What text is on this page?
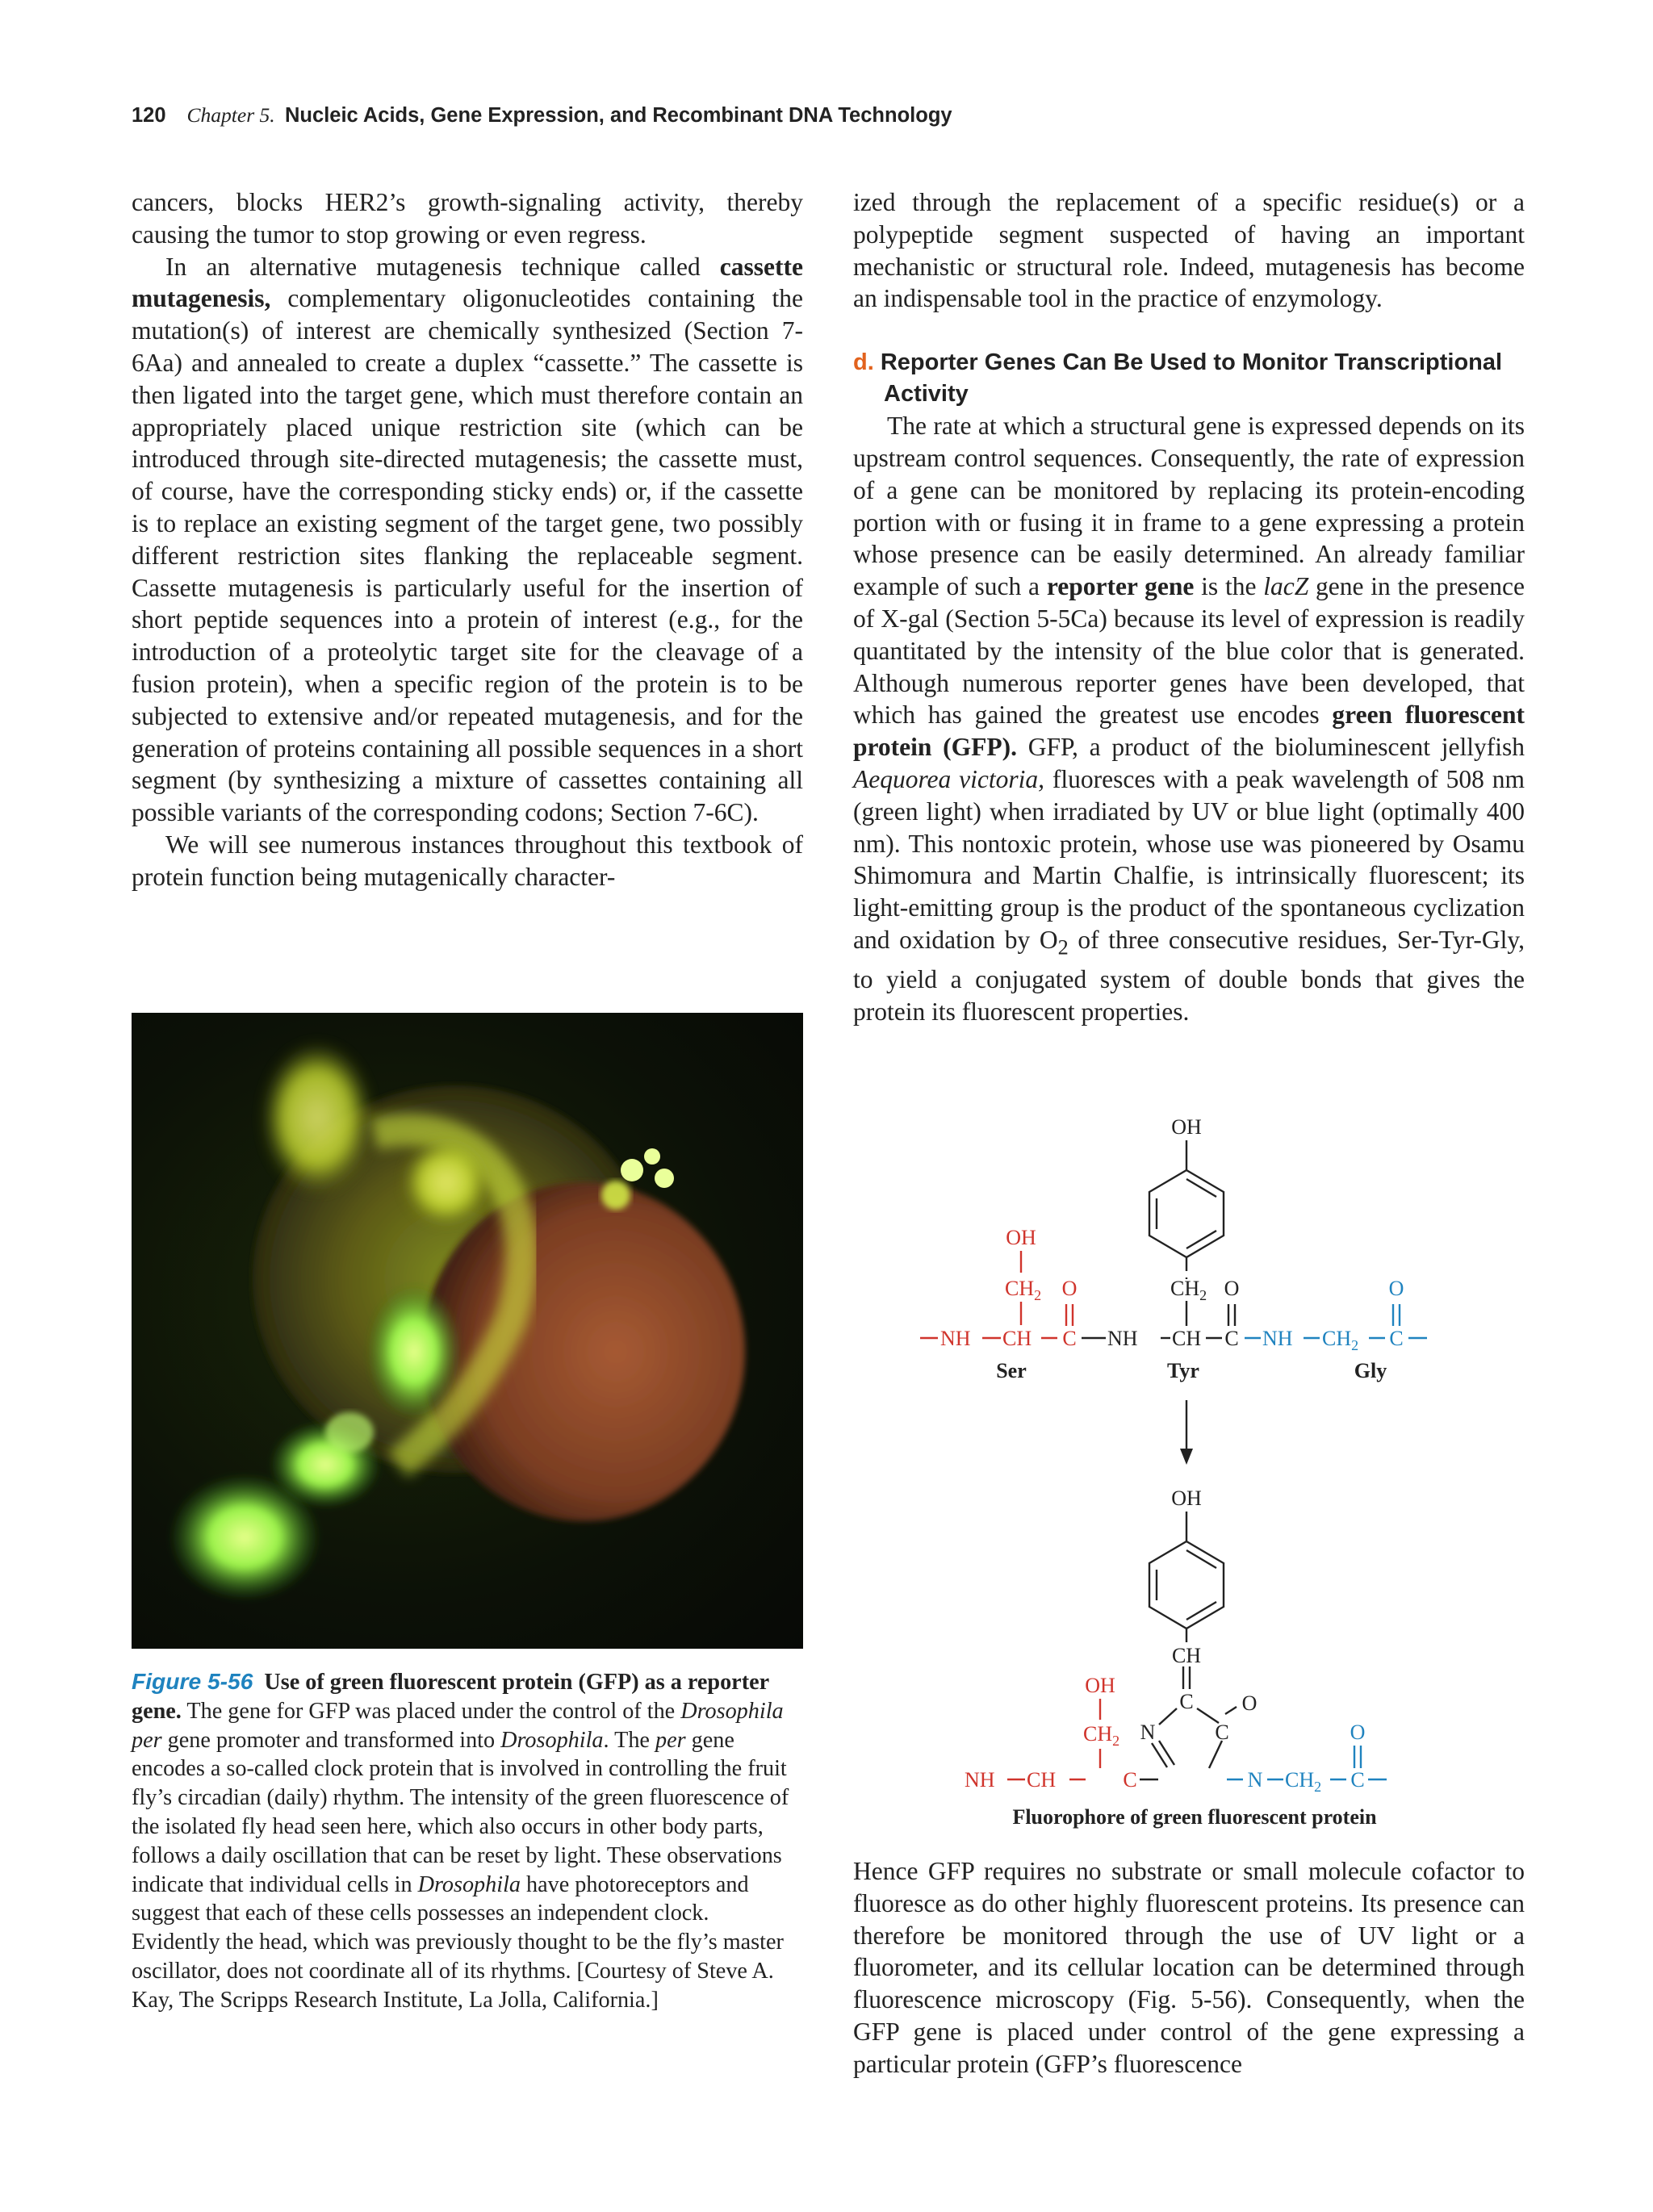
120 Chapter 5. Nucleic Acids, Gene Expression, and Recombinant DNA Technology

cancers, blocks HER2’s growth-signaling activity, thereby causing the tumor to stop growing or even regress.

In an alternative mutagenesis technique called cassette mutagenesis, complementary oligonucleotides containing the mutation(s) of interest are chemically synthesized (Section 7-6Aa) and annealed to create a duplex “cassette.” The cassette is then ligated into the target gene, which must therefore contain an appropriately placed unique restriction site (which can be introduced through site-directed mutagenesis; the cassette must, of course, have the corresponding sticky ends) or, if the cassette is to replace an existing segment of the target gene, two possibly different restriction sites flanking the replaceable segment. Cassette mutagenesis is particularly useful for the insertion of short peptide sequences into a protein of interest (e.g., for the introduction of a proteolytic target site for the cleavage of a fusion protein), when a specific region of the protein is to be subjected to extensive and/or repeated mutagenesis, and for the generation of proteins containing all possible sequences in a short segment (by synthesizing a mixture of cassettes containing all possible variants of the corresponding codons; Section 7-6C).

We will see numerous instances throughout this textbook of protein function being mutagenically character-

ized through the replacement of a specific residue(s) or a polypeptide segment suspected of having an important mechanistic or structural role. Indeed, mutagenesis has become an indispensable tool in the practice of enzymology.

d. Reporter Genes Can Be Used to Monitor Transcriptional Activity

The rate at which a structural gene is expressed depends on its upstream control sequences. Consequently, the rate of expression of a gene can be monitored by replacing its protein-encoding portion with or fusing it in frame to a gene expressing a protein whose presence can be easily determined. An already familiar example of such a reporter gene is the lacZ gene in the presence of X-gal (Section 5-5Ca) because its level of expression is readily quantitated by the intensity of the blue color that is generated. Although numerous reporter genes have been developed, that which has gained the greatest use encodes green fluorescent protein (GFP). GFP, a product of the bioluminescent jellyfish Aequorea victoria, fluoresces with a peak wavelength of 508 nm (green light) when irradiated by UV or blue light (optimally 400 nm). This nontoxic protein, whose use was pioneered by Osamu Shimomura and Martin Chalfie, is intrinsically fluorescent; its light-emitting group is the product of the spontaneous cyclization and oxidation by $O_2$ of three consecutive residues, Ser-Tyr-Gly, to yield a conjugated system of double bonds that gives the protein its fluorescent properties.

Figure 5-56 Use of green fluorescent protein (GFP) as a reporter gene. The gene for GFP was placed under the control of the Drosophila per gene promoter and transformed into Drosophila. The per gene encodes a so-called clock protein that is involved in controlling the fruit fly’s circadian (daily) rhythm. The intensity of the green fluorescence of the isolated fly head seen here, which also occurs in other body parts, follows a daily oscillation that can be reset by light. These observations indicate that individual cells in Drosophila have photoreceptors and suggest that each of these cells possesses an independent clock. Evidently the head, which was previously thought to be the fly’s master oscillator, does not coordinate all of its rhythms. [Courtesy of Steve A. Kay, The Scripps Research Institute, La Jolla, California.]
OH
OH
$CH_2$ O	$CH_2$ O	O
NH CH C NH CH C NH $CH_2$ C
Ser	Tyr	Gly
OH
CH
C O
OH
$CH_2$ N	C	O
NH CH	C	N $CH_2$ C
Fluorophore of green fluorescent protein

Hence GFP requires no substrate or small molecule cofactor to fluoresce as do other highly fluorescent proteins. Its presence can therefore be monitored through the use of UV light or a fluorometer, and its cellular location can be determined through fluorescence microscopy (Fig. 5-56). Consequently, when the GFP gene is placed under control of the gene expressing a particular protein (GFP’s fluorescence
